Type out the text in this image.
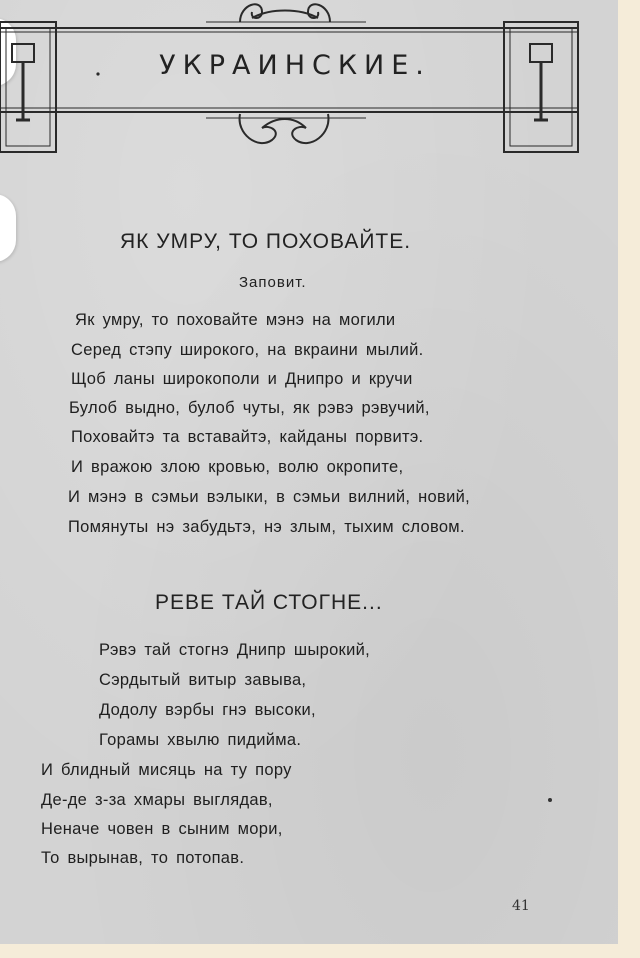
УКРАИНСКИЕ.
ЯК УМРУ, ТО ПОХОВАЙТЕ.
Заповит.
Як умру, то поховайте мэнэ на могили
Серед стэпу широкого, на вкраини мылий.
Щоб ланы широкополи и Днипро и кручи
Булоб выдно, булоб чуты, як рэвэ рэвучий,
Поховайтэ та вставайтэ, кайданы порвитэ.
И вражою злою кровью, волю окропите,
И мэнэ в сэмьи вэлыки, в сэмьи вилний, новий,
Помянуты нэ забудьтэ, нэ злым, тыхим словом.
РЕВЕ ТАЙ СТОГНЕ...
Рэвэ тай стогнэ Днипр шырокий,
Сэрдытый витыр завыва,
Додолу вэрбы гнэ высоки,
Горамы хвылю пидийма.
И блидный мисяць на ту пору
Де-де з-за хмары выглядав,
Неначе човен в сыним мори,
То вырынав, то потопав.
41
